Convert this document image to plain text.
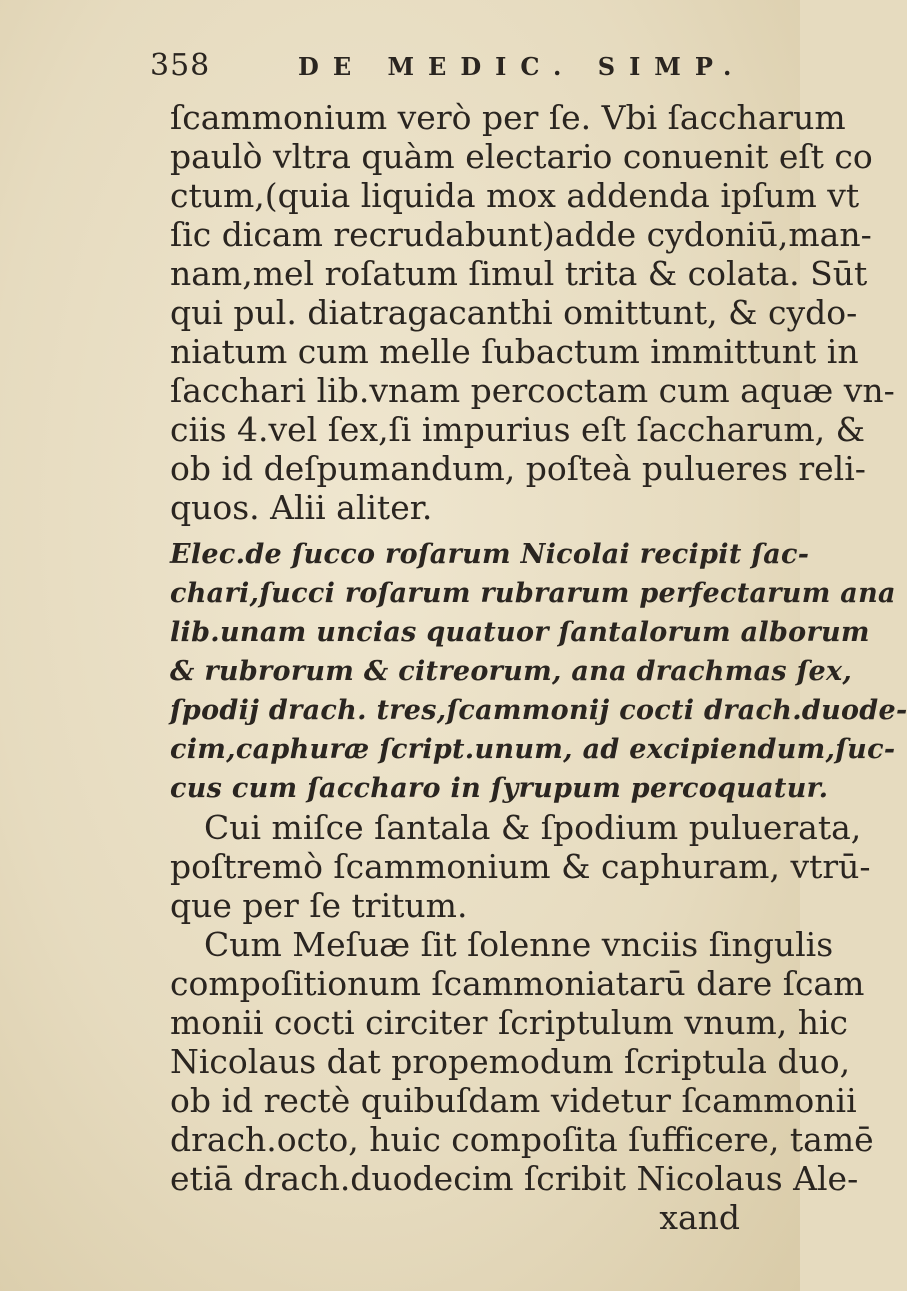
358	DE MEDIC. SIMP.
ſcammonium verò per ſe. Vbi ſaccharum
paulò vltra quàm electario conuenit eſt co
ctum,(quia liquida mox addenda ipſum vt
ſic dicam recrudabunt)adde cydoniū,man-
nam,mel roſatum ſimul trita & colata. Sūt
qui pul. diatragacanthi omittunt, & cydo-
niatum cum melle ſubactum immittunt in
ſacchari lib.vnam percoctam cum aquæ vn-
ciis 4.vel ſex,ſi impurius eſt ſaccharum, &
ob id deſpumandum, poſteà pulueres reli-
quos. Alii aliter.
Elec.de ſucco roſarum Nicolai recipit ſac-
chari,ſucci roſarum rubrarum perfectarum ana
lib.unam uncias quatuor ſantalorum alborum
& rubrorum & citreorum, ana drachmas ſex,
ſpodij drach. tres,ſcammonij cocti drach.duode-
cim,caphuræ ſcript.unum, ad excipiendum,ſuc-
cus cum ſaccharo in ſyrupum percoquatur.
Cui miſce ſantala & ſpodium puluerata,
poſtremò ſcammonium & caphuram, vtrū-
que per ſe tritum.
Cum Meſuæ ſit ſolenne vnciis ſingulis
compoſitionum ſcammoniatarū dare ſcam
monii cocti circiter ſcriptulum vnum, hic
Nicolaus dat propemodum ſcriptula duo,
ob id rectè quibuſdam videtur ſcammonii
drach.octo, huic compoſita ſufficere, tamē
etiā drach.duodecim ſcribit Nicolaus Ale-
xand
